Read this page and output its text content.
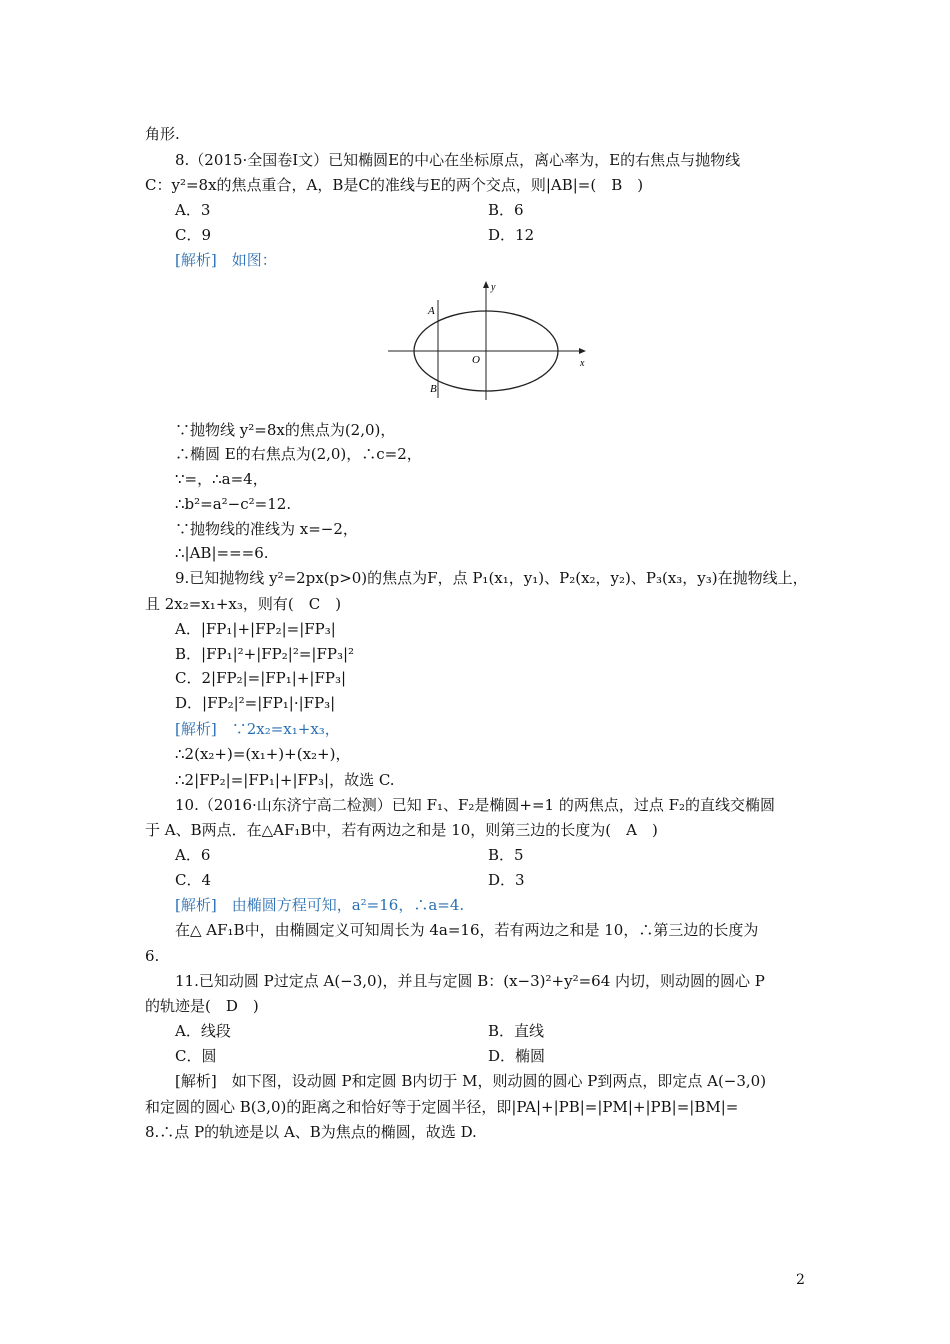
角形.
8.（2015·全国卷Ⅰ文）已知椭圆E的中心在坐标原点，离心率为，E的右焦点与抛物线
C：y²=8x的焦点重合，A，B是C的准线与E的两个交点，则|AB|=(　B　)
A．3	B．6
C．9	D．12
[解析]　如图：
A
B
O	x
y
∵抛物线 y²=8x的焦点为(2,0)，
∴椭圆 E的右焦点为(2,0)，∴c=2，
∵=，∴a=4，
∴b²=a²−c²=12.
∵抛物线的准线为 x=−2，
∴|AB|===6.
9.已知抛物线 y²=2px(p>0)的焦点为F，点 P₁(x₁，y₁)、P₂(x₂，y₂)、P₃(x₃，y₃)在抛物线上，
且 2x₂=x₁+x₃，则有(　C　)
A．|FP₁|+|FP₂|=|FP₃|
B．|FP₁|²+|FP₂|²=|FP₃|²
C．2|FP₂|=|FP₁|+|FP₃|
D．|FP₂|²=|FP₁|·|FP₃|
[解析]　∵2x₂=x₁+x₃，
∴2(x₂+)=(x₁+)+(x₂+)，
∴2|FP₂|=|FP₁|+|FP₃|，故选 C.
10.（2016·山东济宁高二检测）已知 F₁、F₂是椭圆+=1 的两焦点，过点 F₂的直线交椭圆
于 A、B两点．在△AF₁B中，若有两边之和是 10，则第三边的长度为(　A　)
A．6	B．5
C．4	D．3
[解析]　由椭圆方程可知，a²=16，∴a=4.
在△ AF₁B中，由椭圆定义可知周长为 4a=16，若有两边之和是 10，∴第三边的长度为
6.
11.已知动圆 P过定点 A(−3,0)，并且与定圆 B：(x−3)²+y²=64 内切，则动圆的圆心 P
的轨迹是(　D　)
A．线段	B．直线
C．圆	D．椭圆
[解析]　如下图，设动圆 P和定圆 B内切于 M，则动圆的圆心 P到两点，即定点 A(−3,0)
和定圆的圆心 B(3,0)的距离之和恰好等于定圆半径，即|PA|+|PB|=|PM|+|PB|=|BM|=
8.∴点 P的轨迹是以 A、B为焦点的椭圆，故选 D.
2
